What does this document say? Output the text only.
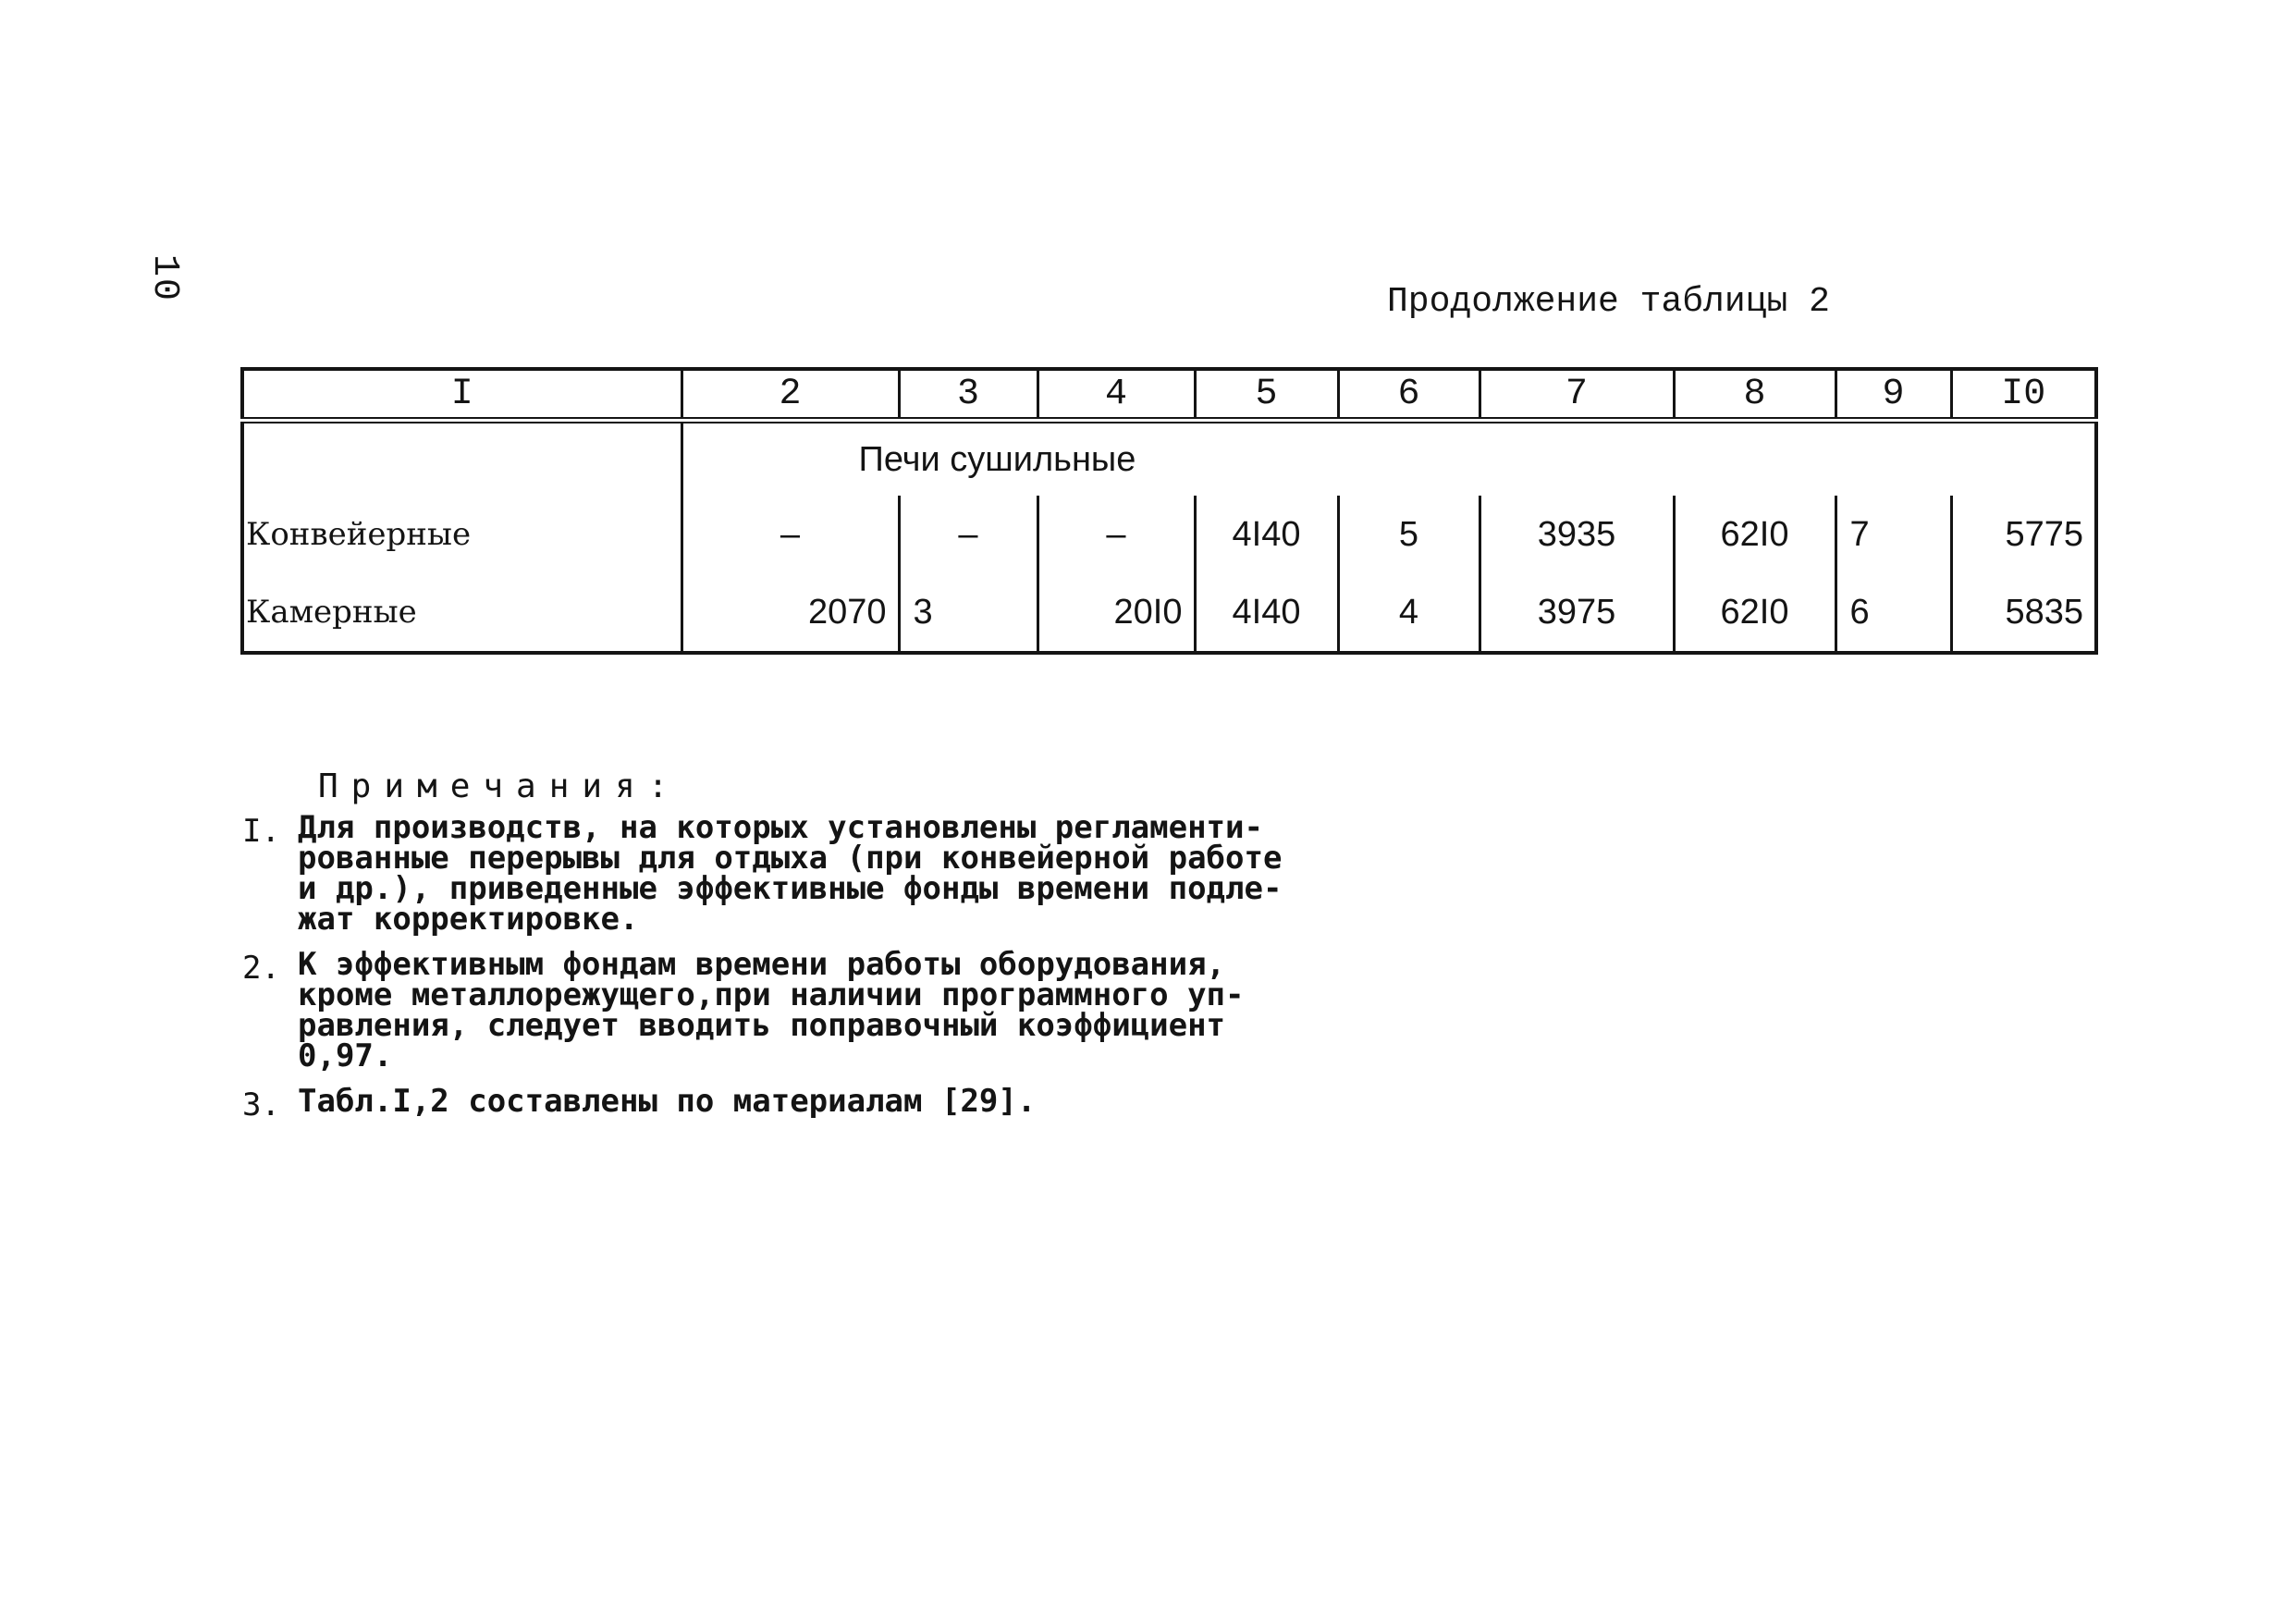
10	Продолжение таблицы 2
I	2	3	4	5	6	7	8	9	I0
	Печи сушильные								
Конвейерные	–	–	–	4I40	5	3935	62I0	7	5775
Камерные	2070	3	20I0	4I40	4	3975	62I0	6	5835
Примечания:
I. Для производств, на которых установлены регламенти-
рованные перерывы для отдыха (при конвейерной работе
и др.), приведенные эффективные фонды времени подле-
жат корректировке.
2. К эффективным фондам времени работы оборудования,
кроме металлорежущего,при наличии программного уп-
равления, следует вводить поправочный коэффициент
0,97.
3. Табл.I,2 составлены по материалам [29].
